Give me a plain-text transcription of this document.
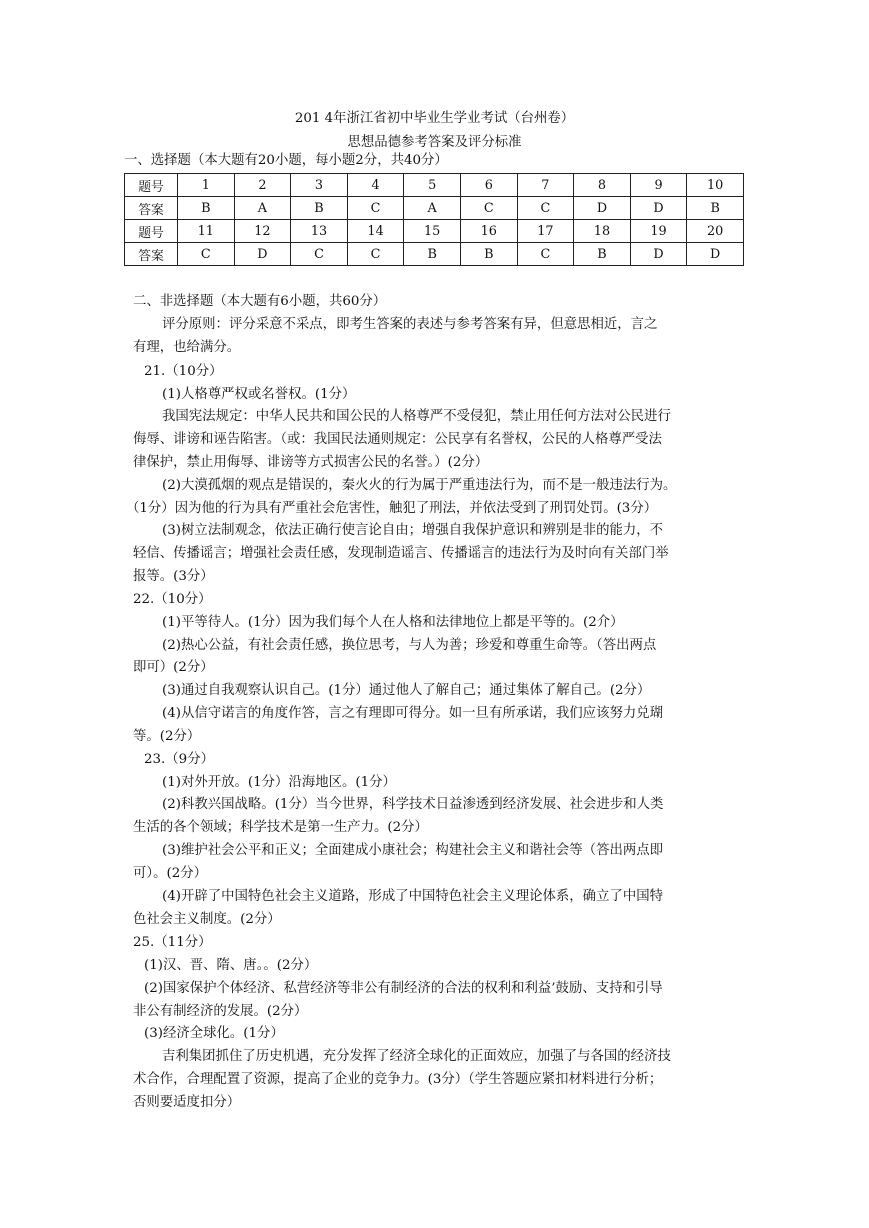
201 4年浙江省初中毕业生学业考试（台州卷）
思想品德参考答案及评分标准
一、选择题（本大题有20小题，每小题2分，共40分）
题号	1	2	3	4	5	6	7	8	9	10
答案	B	A	B	C	A	C	C	D	D	B
题号	11	12	13	14	15	16	17	18	19	20
答案	C	D	C	C	B	B	C	B	D	D
二、非选择题（本大题有6小题，共60分）
评分原则：评分采意不采点，即考生答案的表述与参考答案有异，但意思相近，言之
有理，也给满分。
21.（10分）
(1)人格尊严权或名誉权。(1分）
我国宪法规定：中华人民共和国公民的人格尊严不受侵犯，禁止用任何方法对公民进行
侮辱、诽谤和诬告陷害。（或：我国民法通则规定：公民享有名誉权，公民的人格尊严受法
律保护，禁止用侮辱、诽谤等方式损害公民的名誉。）(2分）
(2)大漠孤烟的观点是错误的，秦火火的行为属于严重违法行为，而不是一般违法行为。
（1分）因为他的行为具有严重社会危害性，触犯了刑法，并依法受到了刑罚处罚。(3分）
(3)树立法制观念，依法正确行使言论自由；增强自我保护意识和辨别是非的能力，不
轻信、传播谣言；增强社会责任感，发现制造谣言、传播谣言的违法行为及时向有关部门举
报等。(3分）
22.（10分）
(1)平等待人。(1分）因为我们每个人在人格和法律地位上都是平等的。(2介）
(2)热心公益，有社会责任感，换位思考，与人为善；珍爱和尊重生命等。（答出两点
即可）(2分）
(3)通过自我观察认识自己。(1分）通过他人了解自己；通过集体了解自己。(2分）
(4)从信守诺言的角度作答，言之有理即可得分。如一旦有所承诺，我们应该努力兑瑚
等。(2分）
23.（9分）
(1)对外开放。(1分）沿海地区。(1分）
(2)科教兴国战略。(1分）当今世界，科学技术日益渗透到经济发展、社会进步和人类
生活的各个领域；科学技术是第一生产力。(2分）
(3)维护社会公平和正义；全面建成小康社会；构建社会主义和谐社会等（答出两点即
可）。(2分）
(4)开辟了中国特色社会主义道路，形成了中国特色社会主义理论体系，确立了中国特
色社会主义制度。(2分）
25.（11分）
(1)汉、晋、隋、唐。。(2分）
(2)国家保护个体经济、私营经济等非公有制经济的合法的权利和利益’鼓励、支持和引导
非公有制经济的发展。(2分）
(3)经济全球化。(1分）
吉利集团抓住了历史机遇，充分发挥了经济全球化的正面效应，加强了与各国的经济技
术合作，合理配置了资源，提高了企业的竞争力。(3分）（学生答题应紧扣材料进行分析；
否则要适度扣分）
